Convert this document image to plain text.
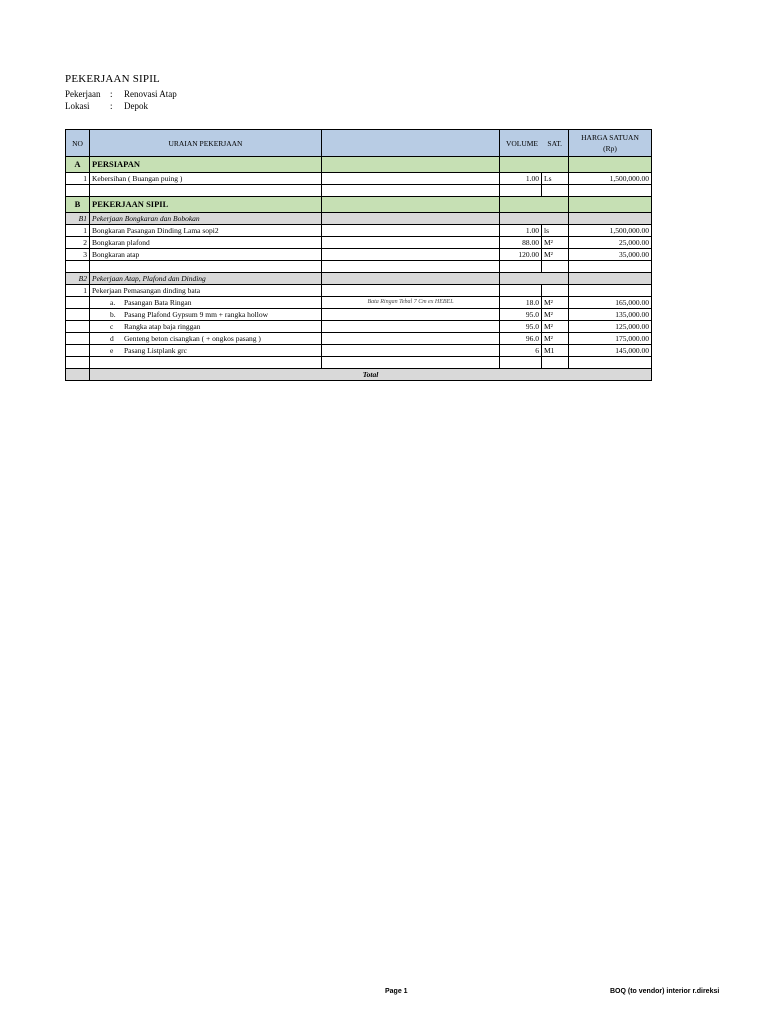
PEKERJAAN SIPIL
Pekerjaan	:	Renovasi Atap
Lokasi	:	Depok
NO	URAIAN PEKERJAAN		VOLUME SAT.		HARGA SATUAN
(Rp)

A	PERSIAPAN				
1	Kebersihan ( Buangan puing )		1.00	Ls	1,500,000.00

B	PEKERJAAN SIPIL				
B1	Pekerjaan Bongkaran dan Bobokan				
1	Bongkaran Pasangan Dinding Lama sopi2		1.00	ls	1,500,000.00
2	Bongkaran plafond		88.00	M²	25,000.00
3	Bongkaran atap		120.00	M²	35,000.00

B2	Pekerjaan Atap, Plafond dan Dinding				
1	Pekerjaan Pemasangan dinding bata				
	a. Pasangan Bata Ringan	Bata Ringan Tebal 7 Cm ex HEBEL	18.0	M²	165,000.00
	b. Pasang Plafond Gypsum 9 mm + rangka hollow		95.0	M²	135,000.00
	c Rangka atap baja ringgan		95.0	M²	125,000.00
	d Genteng beton cisangkan ( + ongkos pasang )		96.0	M²	175,000.00
	e Pasang Listplank grc		6	M1	145,000.00

	Total				
Page 1	BOQ (to vendor) interior r.direksi
